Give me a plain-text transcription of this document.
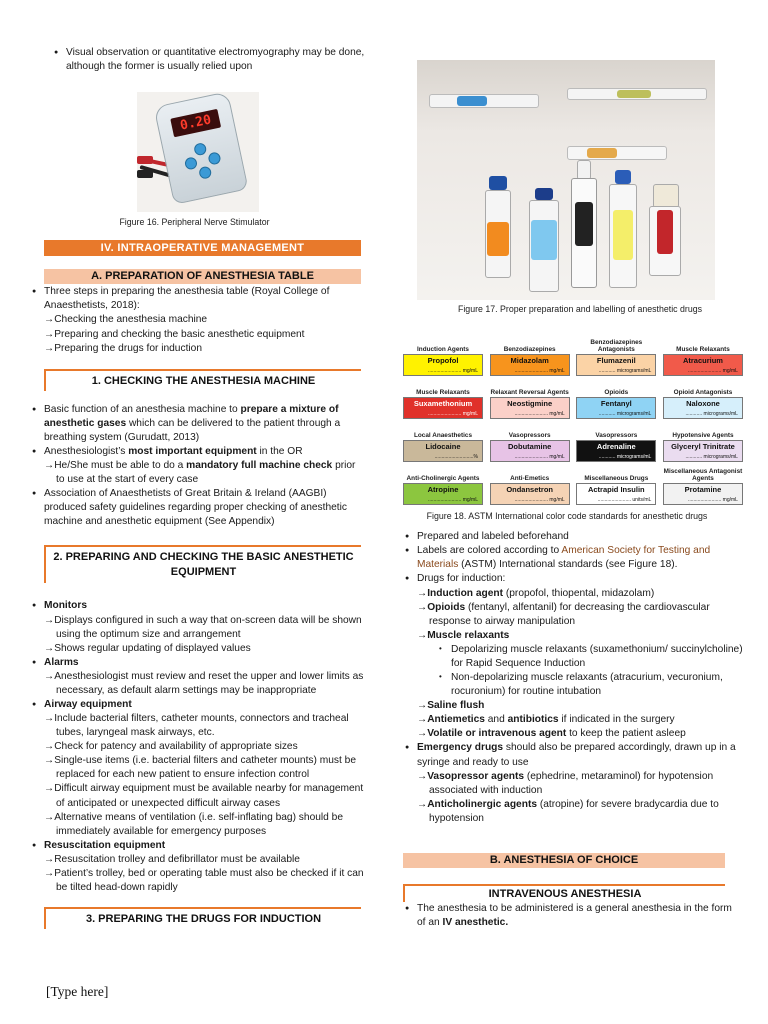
● Visual observation or quantitative electromyography may be done, although the former is usually relied upon
0.20
Figure 16. Peripheral Nerve Stimulator
IV. INTRAOPERATIVE MANAGEMENT
A. PREPARATION OF ANESTHESIA TABLE
● Three steps in preparing the anesthesia table (Royal College of Anaesthetists, 2018):
→ Checking the anesthesia machine
→ Preparing and checking the basic anesthetic equipment
→ Preparing the drugs for induction
1. CHECKING THE ANESTHESIA MACHINE
● Basic function of an anesthesia machine to prepare a mixture of anesthetic gases which can be delivered to the patient through a breathing system (Gurudatt, 2013)
● Anesthesiologist’s most important equipment in the OR
→ He/She must be able to do a mandatory full machine check prior to use at the start of every case
● Association of Anaesthetists of Great Britain & Ireland (AAGBI) produced safety guidelines regarding proper checking of anesthetic machine and anesthetic equipment (See Appendix)
2. PREPARING AND CHECKING THE BASIC ANESTHETIC EQUIPMENT
● Monitors
→ Displays configured in such a way that on-screen data will be shown using the optimum size and arrangement
→ Shows regular updating of displayed values
● Alarms
→ Anesthesiologist must review and reset the upper and lower limits as necessary, as default alarm settings may be inappropriate
● Airway equipment
→ Include bacterial filters, catheter mounts, connectors and tracheal tubes, laryngeal mask airways, etc.
→ Check for patency and availability of appropriate sizes
→ Single-use items (i.e. bacterial filters and catheter mounts) must be replaced for each new patient to ensure infection control
→ Difficult airway equipment must be available nearby for management of anticipated or unexpected difficult airway cases
→ Alternative means of ventilation (i.e. self-inflating bag) should be immediately available for emergency purposes
● Resuscitation equipment
→ Resuscitation trolley and defibrillator must be available
→ Patient’s trolley, bed or operating table must also be checked if it can be tilted head-down rapidly
3. PREPARING THE DRUGS FOR INDUCTION
Figure 17. Proper preparation and labelling of anesthetic drugs
Induction Agents
Propofol
........................ mg/mL
Benzodiazepines
Midazolam
........................ mg/mL
Benzodiazepines Antagonists
Flumazenil
............ micrograms/mL
Muscle Relaxants
Atracurium
........................ mg/mL
Muscle Relaxants
Suxamethonium
........................ mg/mL
Relaxant Reversal Agents
Neostigmine
........................ mg/mL
Opioids
Fentanyl
............ micrograms/mL
Opioid Antagonists
Naloxone
............ micrograms/mL
Local Anaesthetics
Lidocaine
............................%
Vasopressors
Dobutamine
........................ mg/mL
Vasopressors
Adrenaline
............ micrograms/mL
Hypotensive Agents
Glyceryl Trinitrate
............ micrograms/mL
Anti-Cholinergic Agents
Atropine
........................ mg/mL
Anti-Emetics
Ondansetron
........................ mg/mL
Miscellaneous Drugs
Actrapid Insulin
........................ units/mL
Miscellaneous Antagonist Agents
Protamine
........................ mg/mL
Figure 18. ASTM International color code standards for anesthetic drugs
● Prepared and labeled beforehand
● Labels are colored according to American Society for Testing and Materials (ASTM) International standards (see Figure 18).
● Drugs for induction:
→ Induction agent (propofol, thiopental, midazolam)
→ Opioids (fentanyl, alfentanil) for decreasing the cardiovascular response to airway manipulation
→ Muscle relaxants
• Depolarizing muscle relaxants (suxamethonium/ succinylcholine) for Rapid Sequence Induction
• Non-depolarizing muscle relaxants (atracurium, vecuronium, rocuronium) for routine intubation
→ Saline flush
→ Antiemetics and antibiotics if indicated in the surgery
→ Volatile or intravenous agent to keep the patient asleep
● Emergency drugs should also be prepared accordingly, drawn up in a syringe and ready to use
→ Vasopressor agents (ephedrine, metaraminol) for hypotension associated with induction
→ Anticholinergic agents (atropine) for severe bradycardia due to hypotension
B. ANESTHESIA OF CHOICE
INTRAVENOUS ANESTHESIA
● The anesthesia to be administered is a general anesthesia in the form of an IV anesthetic.
[Type here]
